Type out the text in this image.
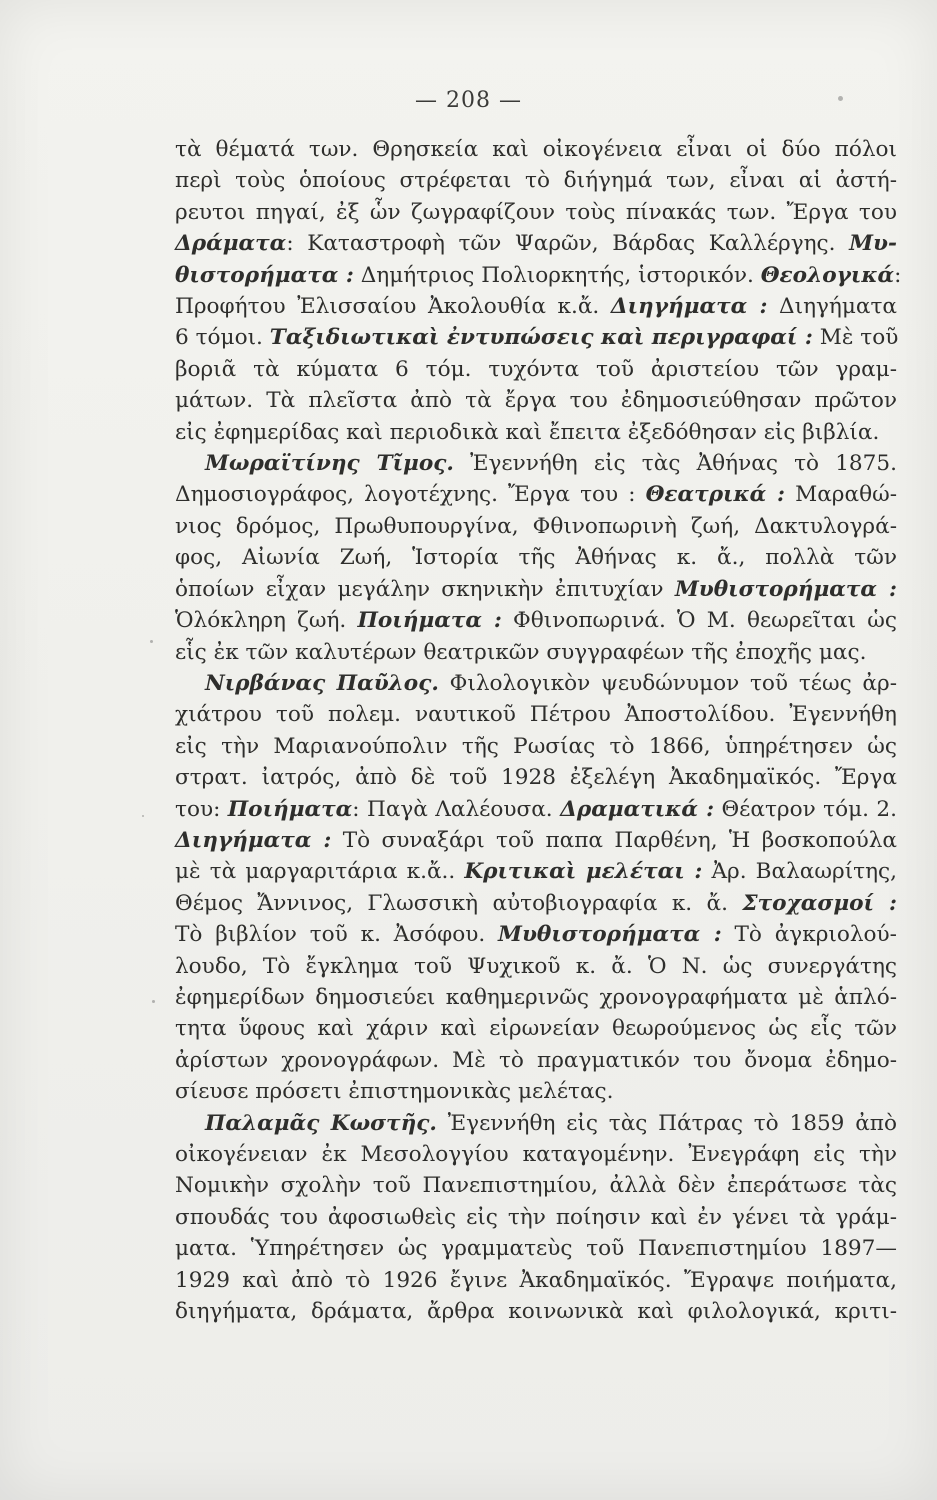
— 208 —
τὰ θέματά των. Θρησκεία καὶ οἰκογένεια εἶναι οἱ δύο πόλοι
περὶ τοὺς ὁποίους στρέφεται τὸ διήγημά των, εἶναι αἱ ἀστή-
ρευτοι πηγαί, ἐξ ὧν ζωγραφίζουν τοὺς πίνακάς των. Ἔργα του
Δράματα: Καταστροφὴ τῶν Ψαρῶν, Βάρδας Καλλέργης. Μυ-
θιστορήματα : Δημήτριος Πολιορκητής, ἱστορικόν. Θεολογικά:
Προφήτου Ἐλισσαίου Ἀκολουθία κ.ἄ. Διηγήματα : Διηγήματα
6 τόμοι. Ταξιδιωτικαὶ ἐντυπώσεις καὶ περιγραφαί : Μὲ τοῦ
βοριᾶ τὰ κύματα 6 τόμ. τυχόντα τοῦ ἀριστείου τῶν γραμ-
μάτων. Τὰ πλεῖστα ἀπὸ τὰ ἔργα του ἐδημοσιεύθησαν πρῶτον
εἰς ἐφημερίδας καὶ περιοδικὰ καὶ ἔπειτα ἐξεδόθησαν εἰς βιβλία.
Μωραϊτίνης Τῖμος. Ἐγεννήθη εἰς τὰς Ἀθήνας τὸ 1875.
Δημοσιογράφος, λογοτέχνης. Ἔργα του : Θεατρικά : Μαραθώ-
νιος δρόμος, Πρωθυπουργίνα, Φθινοπωρινὴ ζωή, Δακτυλογρά-
φος, Αἰωνία Ζωή, Ἱστορία τῆς Ἀθήνας κ. ἄ., πολλὰ τῶν
ὁποίων εἶχαν μεγάλην σκηνικὴν ἐπιτυχίαν Μυθιστορήματα :
Ὁλόκληρη ζωή. Ποιήματα : Φθινοπωρινά. Ὁ Μ. θεωρεῖται ὡς
εἷς ἐκ τῶν καλυτέρων θεατρικῶν συγγραφέων τῆς ἐποχῆς μας.
Νιρβάνας Παῦλος. Φιλολογικὸν ψευδώνυμον τοῦ τέως ἀρ-
χιάτρου τοῦ πολεμ. ναυτικοῦ Πέτρου Ἀποστολίδου. Ἐγεννήθη
εἰς τὴν Μαριανούπολιν τῆς Ρωσίας τὸ 1866, ὑπηρέτησεν ὡς
στρατ. ἰατρός, ἀπὸ δὲ τοῦ 1928 ἐξελέγη Ἀκαδημαϊκός. Ἔργα
του: Ποιήματα: Παγὰ Λαλέουσα. Δραματικά : Θέατρον τόμ. 2.
Διηγήματα : Τὸ συναξάρι τοῦ παπα Παρθένη, Ἡ βοσκοπούλα
μὲ τὰ μαργαριτάρια κ.ἄ.. Κριτικαὶ μελέται : Ἀρ. Βαλαωρίτης,
Θέμος Ἄννινος, Γλωσσικὴ αὐτοβιογραφία κ. ἄ. Στοχασμοί :
Τὸ βιβλίον τοῦ κ. Ἀσόφου. Μυθιστορήματα : Τὸ ἀγκριολού-
λουδο, Τὸ ἔγκλημα τοῦ Ψυχικοῦ κ. ἄ. Ὁ Ν. ὡς συνεργάτης
ἐφημερίδων δημοσιεύει καθημερινῶς χρονογραφήματα μὲ ἁπλό-
τητα ὕφους καὶ χάριν καὶ εἰρωνείαν θεωρούμενος ὡς εἷς τῶν
ἀρίστων χρονογράφων. Μὲ τὸ πραγματικόν του ὄνομα ἐδημο-
σίευσε πρόσετι ἐπιστημονικὰς μελέτας.
Παλαμᾶς Κωστῆς. Ἐγεννήθη εἰς τὰς Πάτρας τὸ 1859 ἀπὸ
οἰκογένειαν ἐκ Μεσολογγίου καταγομένην. Ἐνεγράφη εἰς τὴν
Νομικὴν σχολὴν τοῦ Πανεπιστημίου, ἀλλὰ δὲν ἐπεράτωσε τὰς
σπουδάς του ἀφοσιωθεὶς εἰς τὴν ποίησιν καὶ ἐν γένει τὰ γράμ-
ματα. Ὑπηρέτησεν ὡς γραμματεὺς τοῦ Πανεπιστημίου 1897—
1929 καὶ ἀπὸ τὸ 1926 ἔγινε Ἀκαδημαϊκός. Ἔγραψε ποιήματα,
διηγήματα, δράματα, ἄρθρα κοινωνικὰ καὶ φιλολογικά, κριτι-
